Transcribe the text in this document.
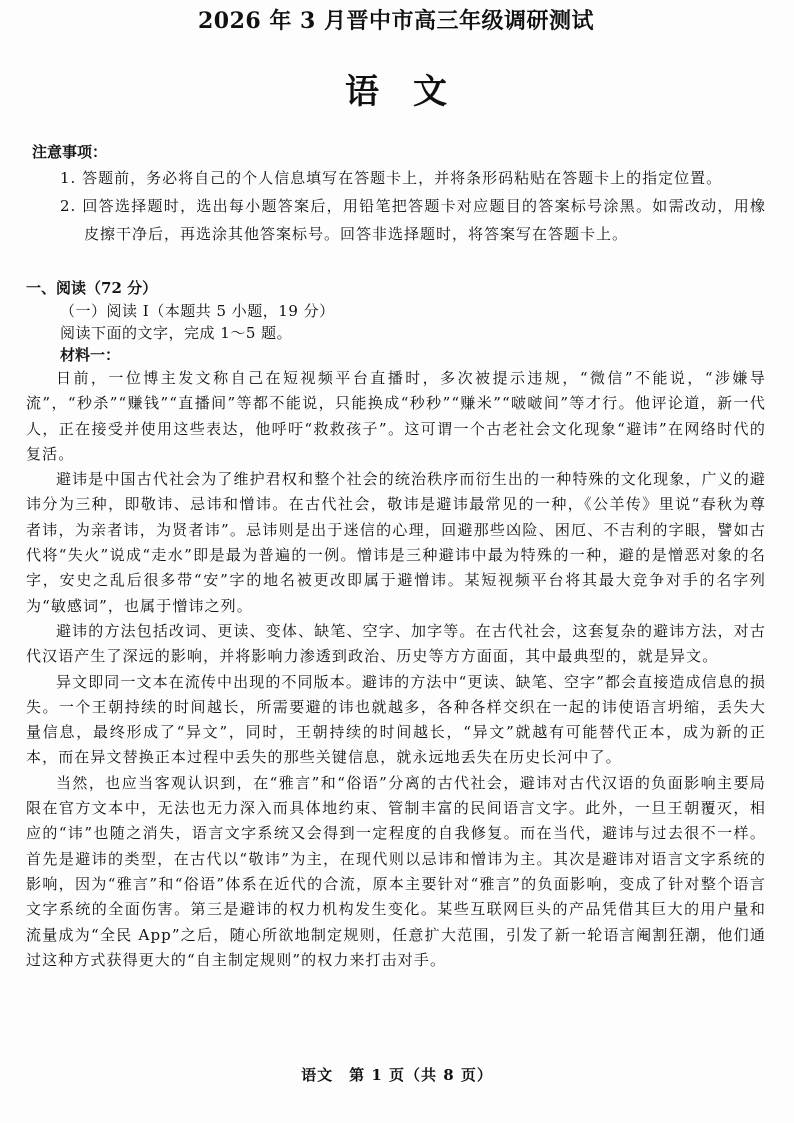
2026 年 3 月晋中市高三年级调研测试
语文
注意事项：
1. 答题前，务必将自己的个人信息填写在答题卡上，并将条形码粘贴在答题卡上的指定位置。
2. 回答选择题时，选出每小题答案后，用铅笔把答题卡对应题目的答案标号涂黑。如需改动，用橡皮擦干净后，再选涂其他答案标号。回答非选择题时，将答案写在答题卡上。
一、阅读（72 分）
（一）阅读 Ⅰ（本题共 5 小题，19 分）
阅读下面的文字，完成 1～5 题。
材料一：

日前，一位博主发文称自己在短视频平台直播时，多次被提示违规，“微信”不能说，“涉嫌导流”，“秒杀”“赚钱”“直播间”等都不能说，只能换成“秒秒”“赚米”“啵啵间”等才行。他评论道，新一代人，正在接受并使用这些表达，他呼吁“救救孩子”。这可谓一个古老社会文化现象“避讳”在网络时代的复活。

避讳是中国古代社会为了维护君权和整个社会的统治秩序而衍生出的一种特殊的文化现象，广义的避讳分为三种，即敬讳、忌讳和憎讳。在古代社会，敬讳是避讳最常见的一种，《公羊传》里说“春秋为尊者讳，为亲者讳，为贤者讳”。忌讳则是出于迷信的心理，回避那些凶险、困厄、不吉利的字眼，譬如古代将“失火”说成“走水”即是最为普遍的一例。憎讳是三种避讳中最为特殊的一种，避的是憎恶对象的名字，安史之乱后很多带“安”字的地名被更改即属于避憎讳。某短视频平台将其最大竞争对手的名字列为“敏感词”，也属于憎讳之列。

避讳的方法包括改词、更读、变体、缺笔、空字、加字等。在古代社会，这套复杂的避讳方法，对古代汉语产生了深远的影响，并将影响力渗透到政治、历史等方方面面，其中最典型的，就是异文。

异文即同一文本在流传中出现的不同版本。避讳的方法中“更读、缺笔、空字”都会直接造成信息的损失。一个王朝持续的时间越长，所需要避的讳也就越多，各种各样交织在一起的讳使语言坍缩，丢失大量信息，最终形成了“异文”，同时，王朝持续的时间越长，“异文”就越有可能替代正本，成为新的正本，而在异文替换正本过程中丢失的那些关键信息，就永远地丢失在历史长河中了。

当然，也应当客观认识到，在“雅言”和“俗语”分离的古代社会，避讳对古代汉语的负面影响主要局限在官方文本中，无法也无力深入而具体地约束、管制丰富的民间语言文字。此外，一旦王朝覆灭，相应的“讳”也随之消失，语言文字系统又会得到一定程度的自我修复。而在当代，避讳与过去很不一样。首先是避讳的类型，在古代以“敬讳”为主，在现代则以忌讳和憎讳为主。其次是避讳对语言文字系统的影响，因为“雅言”和“俗语”体系在近代的合流，原本主要针对“雅言”的负面影响，变成了针对整个语言文字系统的全面伤害。第三是避讳的权力机构发生变化。某些互联网巨头的产品凭借其巨大的用户量和流量成为“全民 App”之后，随心所欲地制定规则，任意扩大范围，引发了新一轮语言阉割狂潮，他们通过这种方式获得更大的“自主制定规则”的权力来打击对手。

语文　第 1 页（共 8 页）
